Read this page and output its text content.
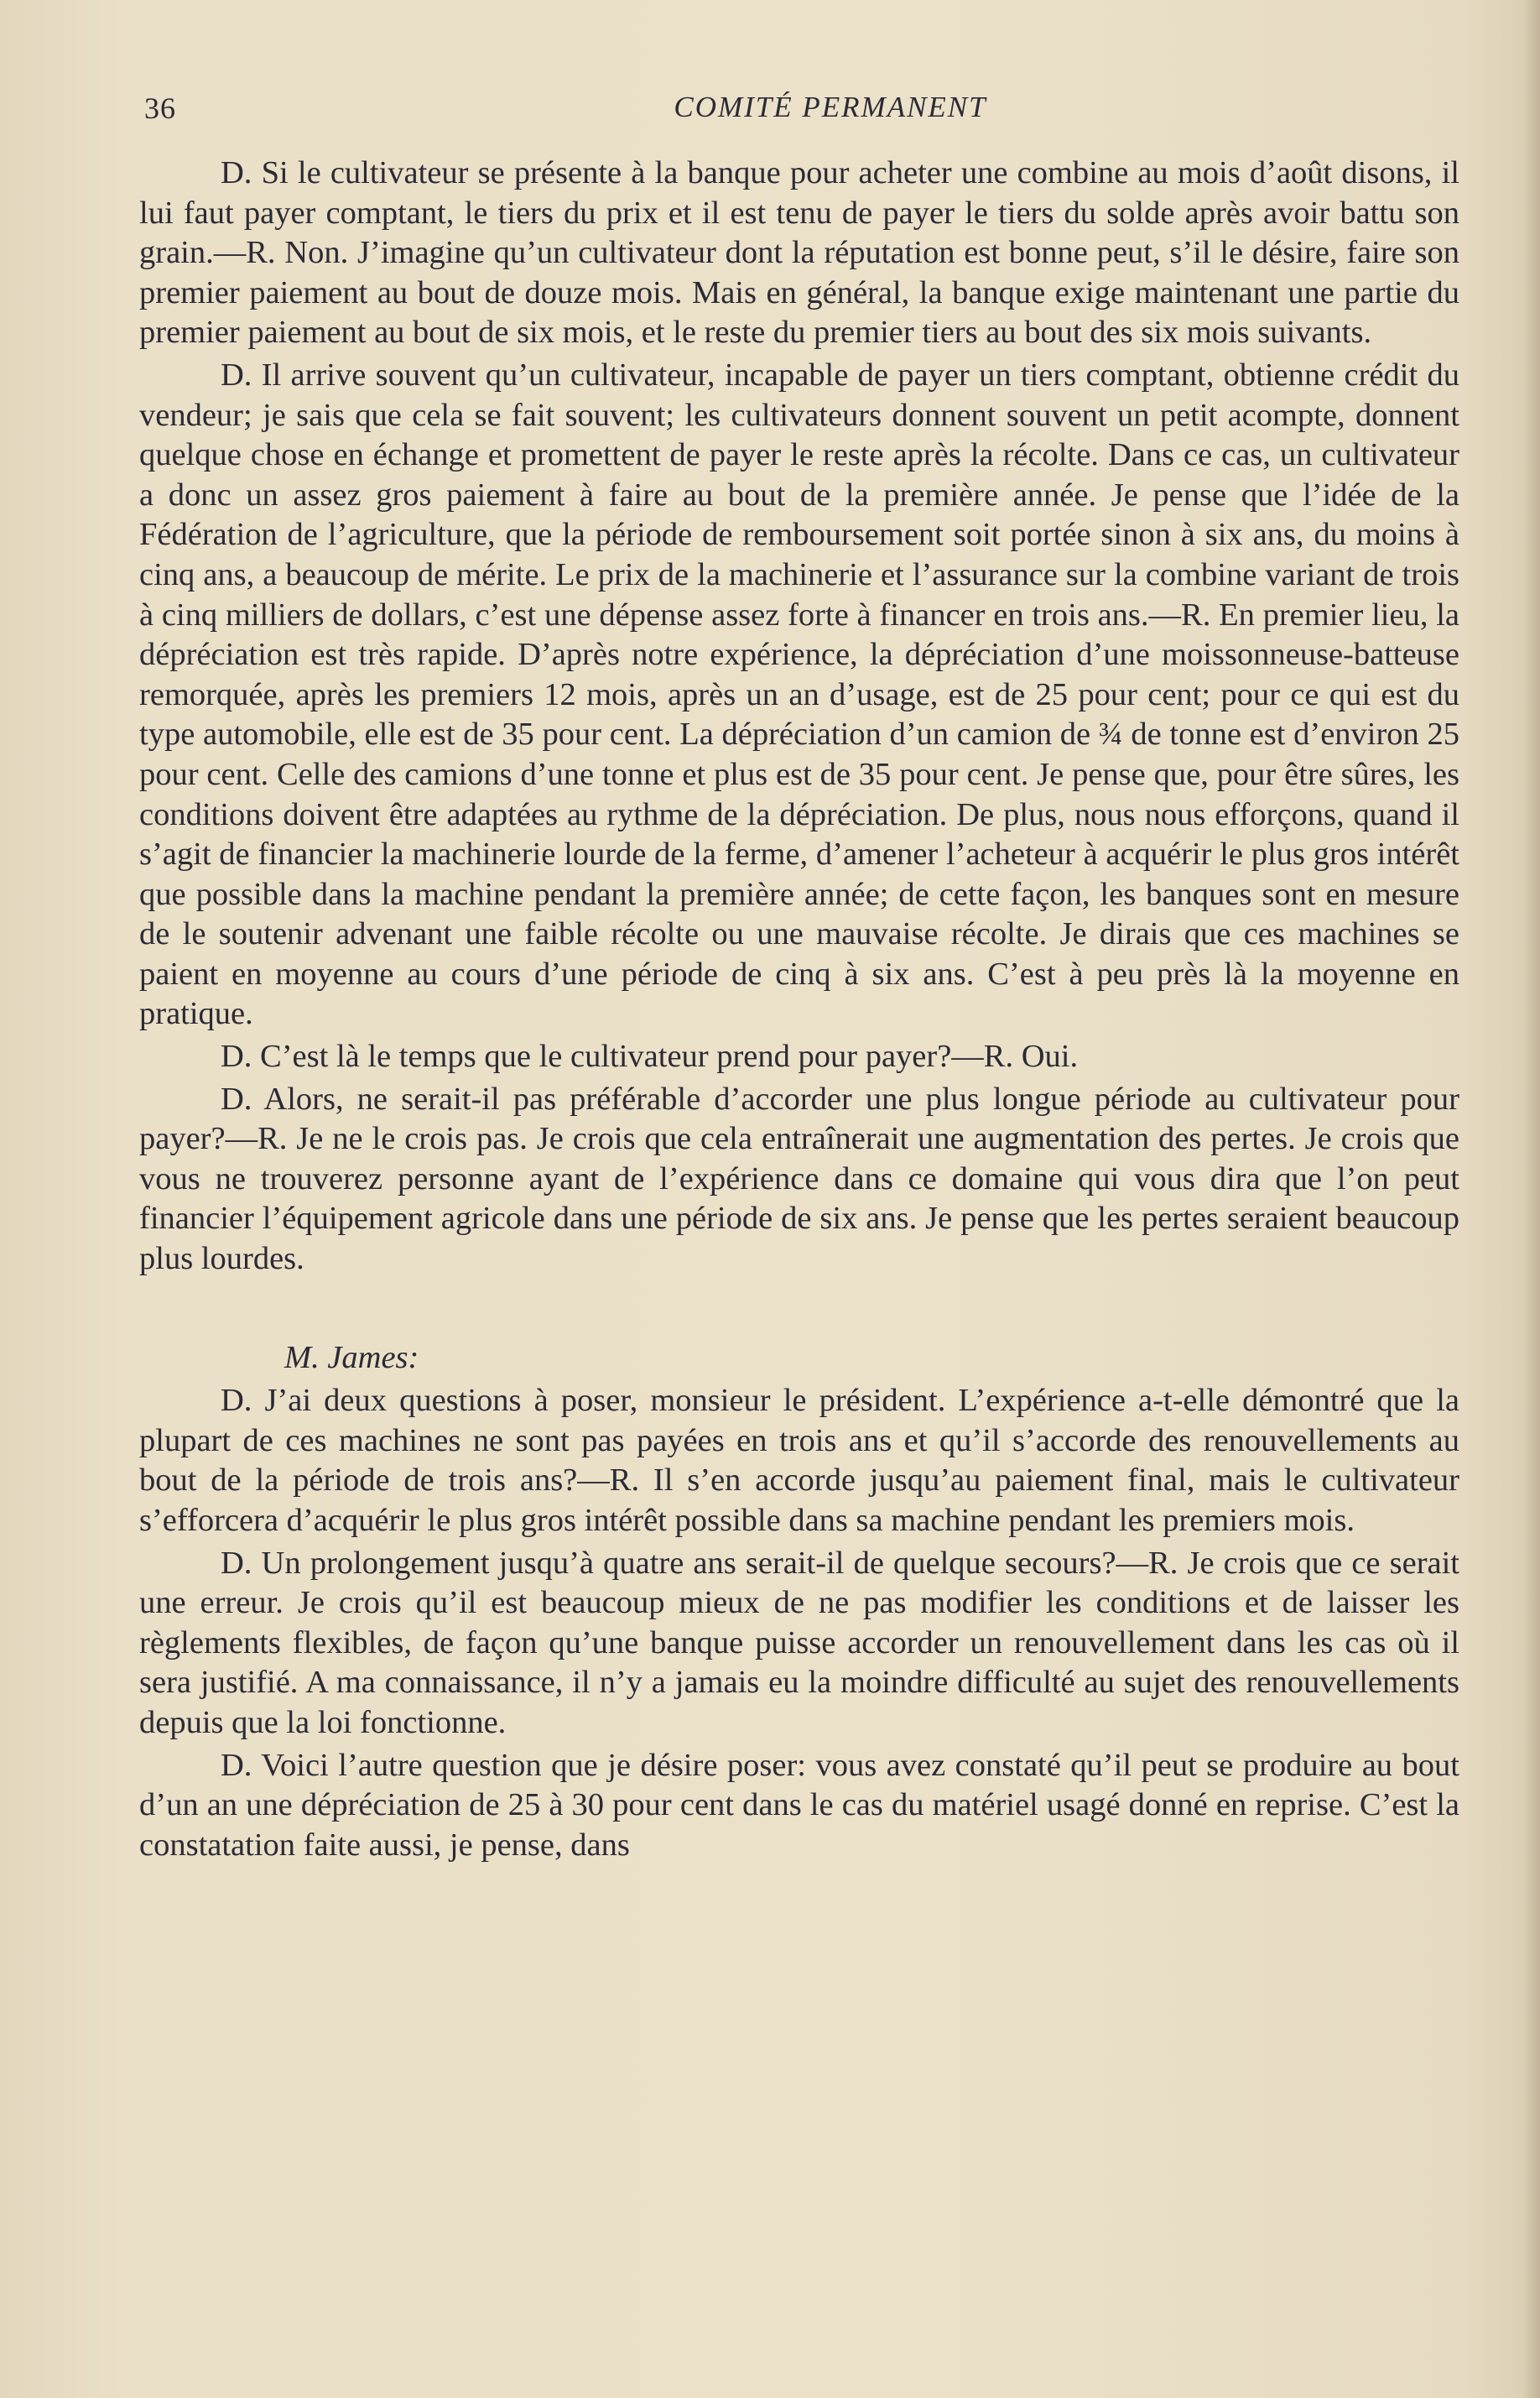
36	COMITÉ PERMANENT

D. Si le cultivateur se présente à la banque pour acheter une combine au mois d’août disons, il lui faut payer comptant, le tiers du prix et il est tenu de payer le tiers du solde après avoir battu son grain.—R. Non. J’imagine qu’un cultivateur dont la réputation est bonne peut, s’il le désire, faire son premier paiement au bout de douze mois. Mais en général, la banque exige maintenant une partie du premier paiement au bout de six mois, et le reste du premier tiers au bout des six mois suivants.

D. Il arrive souvent qu’un cultivateur, incapable de payer un tiers comptant, obtienne crédit du vendeur; je sais que cela se fait souvent; les cultivateurs donnent souvent un petit acompte, donnent quelque chose en échange et promettent de payer le reste après la récolte. Dans ce cas, un cultivateur a donc un assez gros paiement à faire au bout de la première année. Je pense que l’idée de la Fédération de l’agriculture, que la période de remboursement soit portée sinon à six ans, du moins à cinq ans, a beaucoup de mérite. Le prix de la machinerie et l’assurance sur la combine variant de trois à cinq milliers de dollars, c’est une dépense assez forte à financer en trois ans.—R. En premier lieu, la dépréciation est très rapide. D’après notre expérience, la dépréciation d’une moissonneuse-batteuse remorquée, après les premiers 12 mois, après un an d’usage, est de 25 pour cent; pour ce qui est du type automobile, elle est de 35 pour cent. La dépréciation d’un camion de ¾ de tonne est d’environ 25 pour cent. Celle des camions d’une tonne et plus est de 35 pour cent. Je pense que, pour être sûres, les conditions doivent être adaptées au rythme de la dépréciation. De plus, nous nous efforçons, quand il s’agit de financier la machinerie lourde de la ferme, d’amener l’acheteur à acquérir le plus gros intérêt que possible dans la machine pendant la première année; de cette façon, les banques sont en mesure de le soutenir advenant une faible récolte ou une mauvaise récolte. Je dirais que ces machines se paient en moyenne au cours d’une période de cinq à six ans. C’est à peu près là la moyenne en pratique.

D. C’est là le temps que le cultivateur prend pour payer?—R. Oui.

D. Alors, ne serait-il pas préférable d’accorder une plus longue période au cultivateur pour payer?—R. Je ne le crois pas. Je crois que cela entraînerait une augmentation des pertes. Je crois que vous ne trouverez personne ayant de l’expérience dans ce domaine qui vous dira que l’on peut financier l’équipement agricole dans une période de six ans. Je pense que les pertes seraient beaucoup plus lourdes.

M. James:

D. J’ai deux questions à poser, monsieur le président. L’expérience a-t-elle démontré que la plupart de ces machines ne sont pas payées en trois ans et qu’il s’accorde des renouvellements au bout de la période de trois ans?—R. Il s’en accorde jusqu’au paiement final, mais le cultivateur s’efforcera d’acquérir le plus gros intérêt possible dans sa machine pendant les premiers mois.

D. Un prolongement jusqu’à quatre ans serait-il de quelque secours?—R. Je crois que ce serait une erreur. Je crois qu’il est beaucoup mieux de ne pas modifier les conditions et de laisser les règlements flexibles, de façon qu’une banque puisse accorder un renouvellement dans les cas où il sera justifié. A ma connaissance, il n’y a jamais eu la moindre difficulté au sujet des renouvellements depuis que la loi fonctionne.

D. Voici l’autre question que je désire poser: vous avez constaté qu’il peut se produire au bout d’un an une dépréciation de 25 à 30 pour cent dans le cas du matériel usagé donné en reprise. C’est la constatation faite aussi, je pense, dans
